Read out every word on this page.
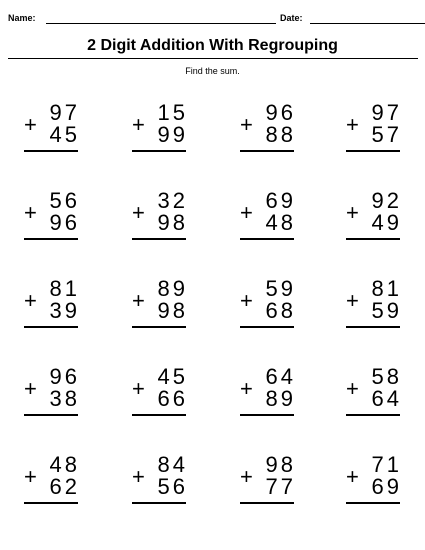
Name:	Date:
2 Digit Addition With Regrouping
Find the sum.
+ 97
45 + 15
99 + 96
88 + 97
57
+ 56
96 + 32
98 + 69
48 + 92
49
+ 81
39 + 89
98 + 59
68 + 81
59
+ 96
38 + 45
66 + 64
89 + 58
64
+ 48
62 + 84
56 + 98
77 + 71
69
